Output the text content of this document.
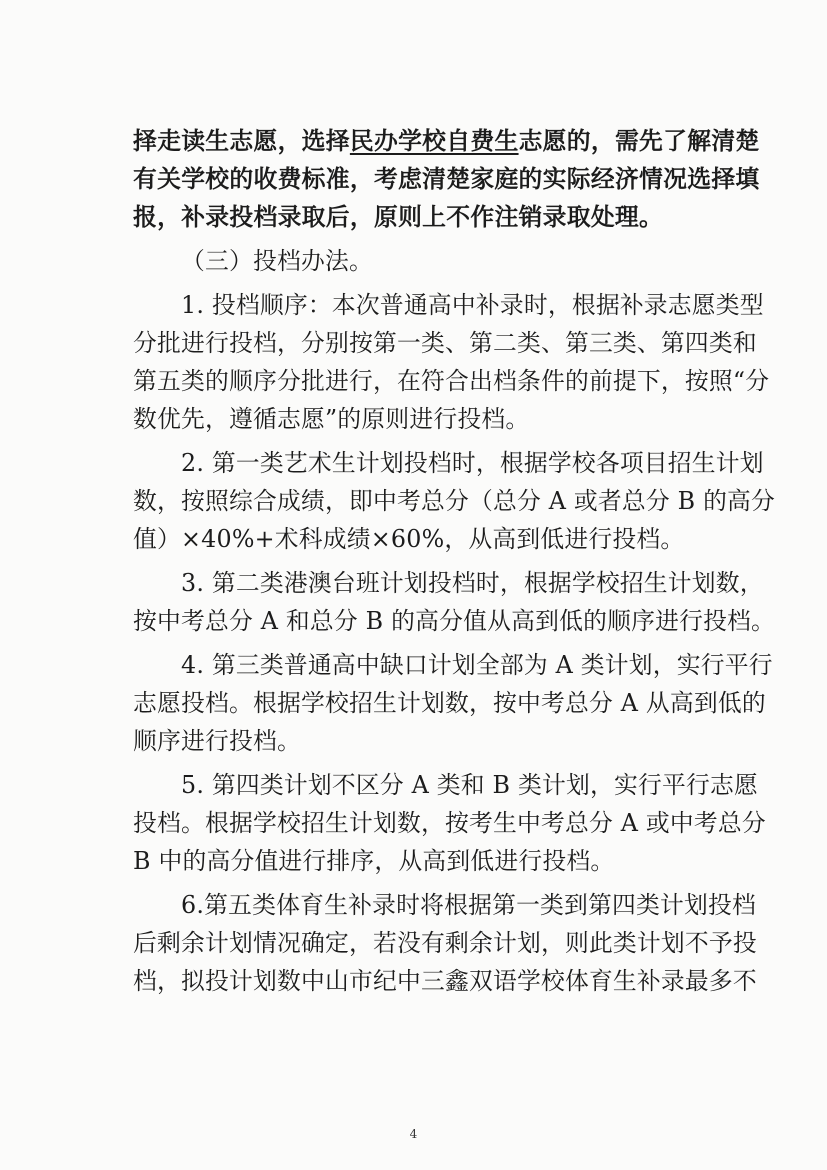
择走读生志愿，选择民办学校自费生志愿的，需先了解清楚
有关学校的收费标准，考虑清楚家庭的实际经济情况选择填
报，补录投档录取后，原则上不作注销录取处理。
（三）投档办法。
1. 投档顺序：本次普通高中补录时，根据补录志愿类型
分批进行投档，分别按第一类、第二类、第三类、第四类和
第五类的顺序分批进行，在符合出档条件的前提下，按照“分
数优先，遵循志愿”的原则进行投档。
2. 第一类艺术生计划投档时，根据学校各项目招生计划
数，按照综合成绩，即中考总分（总分 A 或者总分 B 的高分
值）×40%+术科成绩×60%，从高到低进行投档。
3. 第二类港澳台班计划投档时，根据学校招生计划数，
按中考总分 A 和总分 B 的高分值从高到低的顺序进行投档。
4. 第三类普通高中缺口计划全部为 A 类计划，实行平行
志愿投档。根据学校招生计划数，按中考总分 A 从高到低的
顺序进行投档。
5. 第四类计划不区分 A 类和 B 类计划，实行平行志愿
投档。根据学校招生计划数，按考生中考总分 A 或中考总分
B 中的高分值进行排序，从高到低进行投档。
6.第五类体育生补录时将根据第一类到第四类计划投档
后剩余计划情况确定，若没有剩余计划，则此类计划不予投
档，拟投计划数中山市纪中三鑫双语学校体育生补录最多不
4
